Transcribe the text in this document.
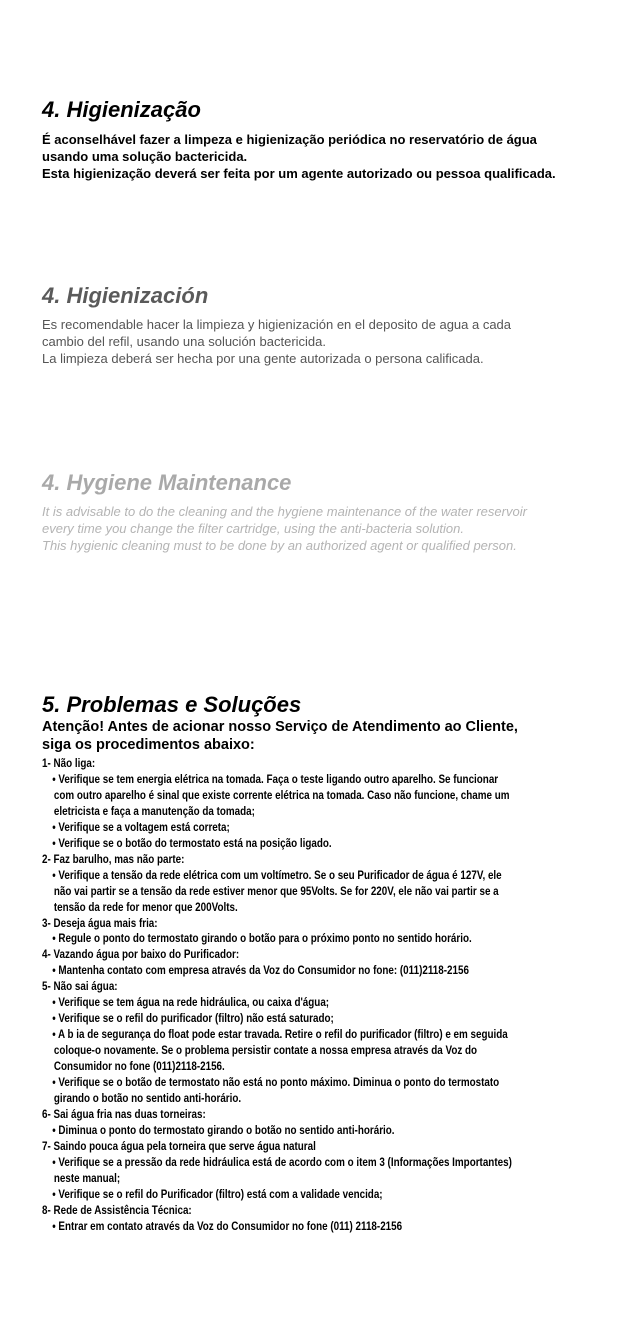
4. Higienização

É aconselhável fazer a limpeza e higienização periódica no reservatório de água

usando uma solução bactericida.

Esta higienização deverá ser feita por um agente autorizado ou pessoa qualificada.

4. Higienización

Es recomendable hacer la limpieza y higienización en el deposito de agua a cada

cambio del refil, usando una solución bactericida.

La limpieza deberá ser hecha por una gente autorizada o persona calificada.

4. Hygiene Maintenance

It is advisable to do the cleaning and the hygiene maintenance of the water reservoir

every time you change the filter cartridge, using the anti-bacteria solution.

This hygienic cleaning must to be done by an authorized agent or qualified person.

5. Problemas e Soluções

Atenção! Antes de acionar nosso Serviço de Atendimento ao Cliente,

siga os procedimentos abaixo:

1- Não liga:

• Verifique se tem energia elétrica na tomada. Faça o teste ligando outro aparelho. Se funcionar

com outro aparelho é sinal que existe corrente elétrica na tomada. Caso não funcione, chame um

eletricista e faça a manutenção da tomada;

• Verifique se a voltagem está correta;

• Verifique se o botão do termostato está na posição ligado.

2- Faz barulho, mas não parte:

• Verifique a tensão da rede elétrica com um voltímetro. Se o seu Purificador de água é 127V, ele

não vai partir se a tensão da rede estiver menor que 95Volts. Se for 220V, ele não vai partir se a

tensão da rede for menor que 200Volts.

3- Deseja água mais fria:

• Regule o ponto do termostato girando o botão para o próximo ponto no sentido horário.

4- Vazando água por baixo do Purificador:

• Mantenha contato com empresa através da Voz do Consumidor no fone: (011)2118-2156

5- Não sai água:

• Verifique se tem água na rede hidráulica, ou caixa d'água;

• Verifique se o refil do purificador (filtro) não está saturado;

• A b ia de segurança do float pode estar travada. Retire o refil do purificador (filtro) e em seguida

coloque-o novamente. Se o problema persistir contate a nossa empresa através da Voz do

Consumidor no fone (011)2118-2156.

• Verifique se o botão de termostato não está no ponto máximo. Diminua o ponto do termostato

girando o botão no sentido anti-horário.

6- Sai água fria nas duas torneiras:

• Diminua o ponto do termostato girando o botão no sentido anti-horário.

7- Saindo pouca água pela torneira que serve água natural

• Verifique se a pressão da rede hidráulica está de acordo com o item 3 (Informações Importantes)

neste manual;

• Verifique se o refil do Purificador (filtro) está com a validade vencida;

8- Rede de Assistência Técnica:

• Entrar em contato através da Voz do Consumidor no fone (011) 2118-2156
